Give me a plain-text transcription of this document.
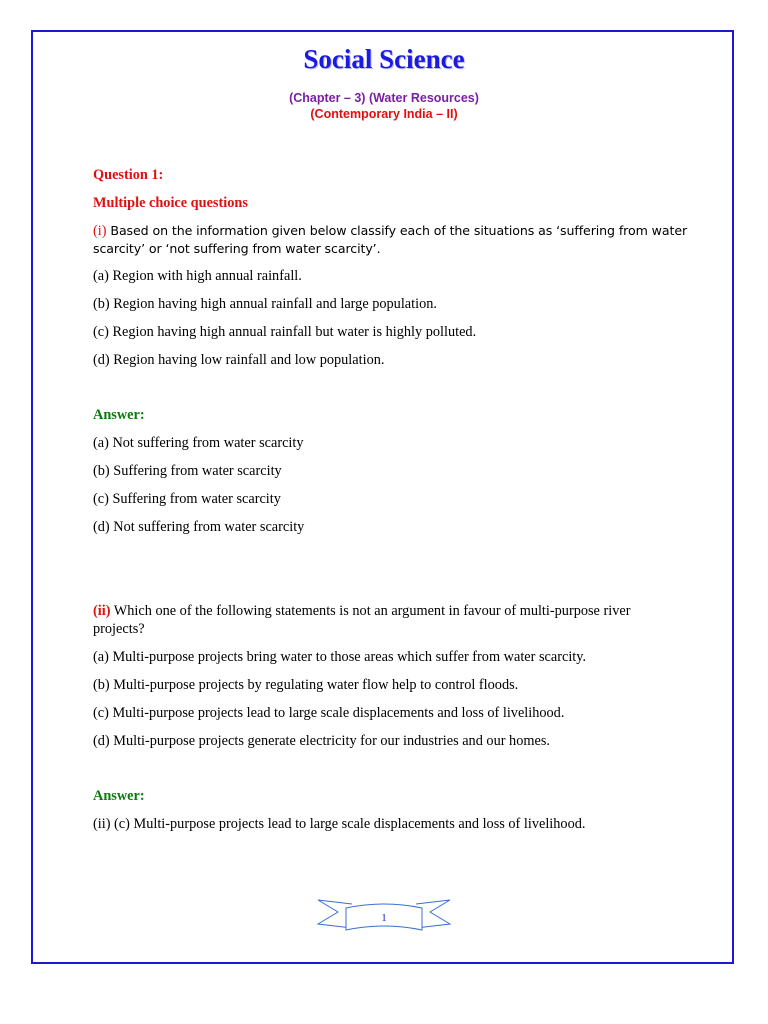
Social Science
(Chapter – 3) (Water Resources)
(Contemporary India – II)
Question 1:
Multiple choice questions
(i) Based on the information given below classify each of the situations as ‘suffering from water
scarcity’ or ‘not suffering from water scarcity’.
(a) Region with high annual rainfall.
(b) Region having high annual rainfall and large population.
(c) Region having high annual rainfall but water is highly polluted.
(d) Region having low rainfall and low population.
Answer:
(a) Not suffering from water scarcity
(b) Suffering from water scarcity
(c) Suffering from water scarcity
(d) Not suffering from water scarcity
(ii) Which one of the following statements is not an argument in favour of multi-purpose river
projects?
(a) Multi-purpose projects bring water to those areas which suffer from water scarcity.
(b) Multi-purpose projects by regulating water flow help to control floods.
(c) Multi-purpose projects lead to large scale displacements and loss of livelihood.
(d) Multi-purpose projects generate electricity for our industries and our homes.
Answer:
(ii) (c) Multi-purpose projects lead to large scale displacements and loss of livelihood.
1
